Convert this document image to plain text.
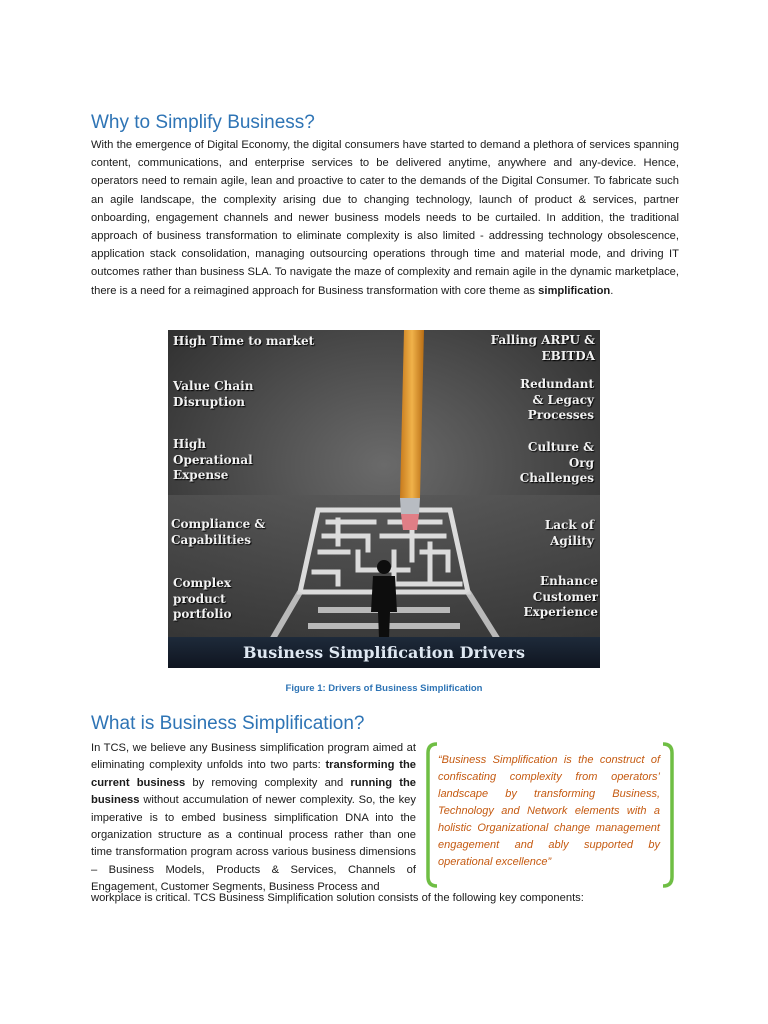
Why to Simplify Business?
With the emergence of Digital Economy, the digital consumers have started to demand a plethora of services spanning content, communications, and enterprise services to be delivered anytime, anywhere and any-device. Hence, operators need to remain agile, lean and proactive to cater to the demands of the Digital Consumer. To fabricate such an agile landscape, the complexity arising due to changing technology, launch of product & services, partner onboarding, engagement channels and newer business models needs to be curtailed. In addition, the traditional approach of business transformation to eliminate complexity is also limited - addressing technology obsolescence, application stack consolidation, managing outsourcing operations through time and material mode, and driving IT outcomes rather than business SLA. To navigate the maze of complexity and remain agile in the dynamic marketplace, there is a need for a reimagined approach for Business transformation with core theme as simplification.
High Time to market
Value Chain Disruption
High Operational Expense
Compliance & Capabilities
Complex product portfolio
Falling ARPU & EBITDA
Redundant & Legacy Processes
Culture & Org Challenges
Lack of Agility
Enhance Customer Experience
Business Simplification Drivers
Figure 1: Drivers of Business Simplification
What is Business Simplification?
In TCS, we believe any Business simplification program aimed at eliminating complexity unfolds into two parts: transforming the current business by removing complexity and running the business without accumulation of newer complexity. So, the key imperative is to embed business simplification DNA into the organization structure as a continual process rather than one time transformation program across various business dimensions – Business Models, Products & Services, Channels of Engagement, Customer Segments, Business Process and
“Business Simplification is the construct of confiscating complexity from operators’ landscape by transforming Business, Technology and Network elements with a holistic Organizational change management engagement and ably supported by operational excellence”
workplace is critical. TCS Business Simplification solution consists of the following key components:
